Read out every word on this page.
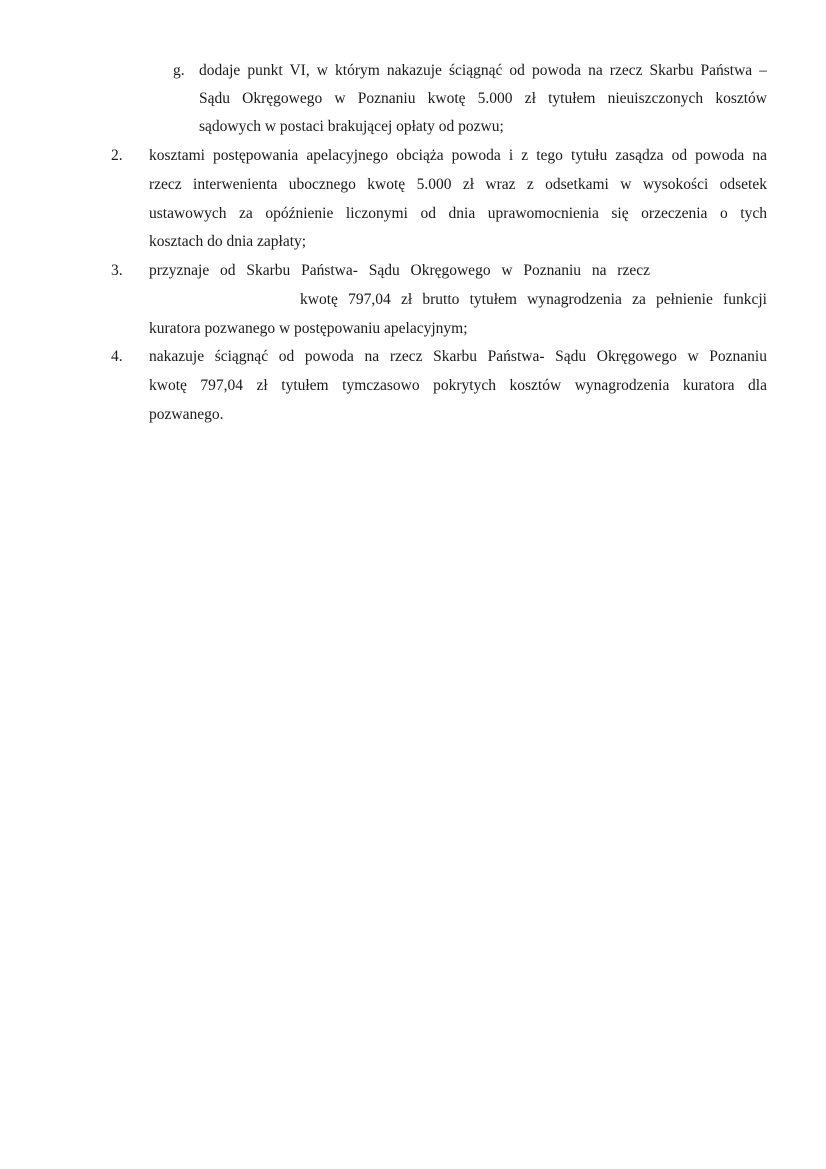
g. dodaje punkt VI, w którym nakazuje ściągnąć od powoda na rzecz Skarbu Państwa –
Sądu Okręgowego w Poznaniu kwotę 5.000 zł tytułem nieuiszczonych kosztów
sądowych w postaci brakującej opłaty od pozwu;
2. kosztami postępowania apelacyjnego obciąża powoda i z tego tytułu zasądza od powoda na
rzecz interwenienta ubocznego kwotę 5.000 zł wraz z odsetkami w wysokości odsetek
ustawowych za opóźnienie liczonymi od dnia uprawomocnienia się orzeczenia o tych
kosztach do dnia zapłaty;
3. przyznaje od Skarbu Państwa- Sądu Okręgowego w Poznaniu na rzecz
kwotę 797,04 zł brutto tytułem wynagrodzenia za pełnienie funkcji
kuratora pozwanego w postępowaniu apelacyjnym;
4. nakazuje ściągnąć od powoda na rzecz Skarbu Państwa- Sądu Okręgowego w Poznaniu
kwotę 797,04 zł tytułem tymczasowo pokrytych kosztów wynagrodzenia kuratora dla
pozwanego.
